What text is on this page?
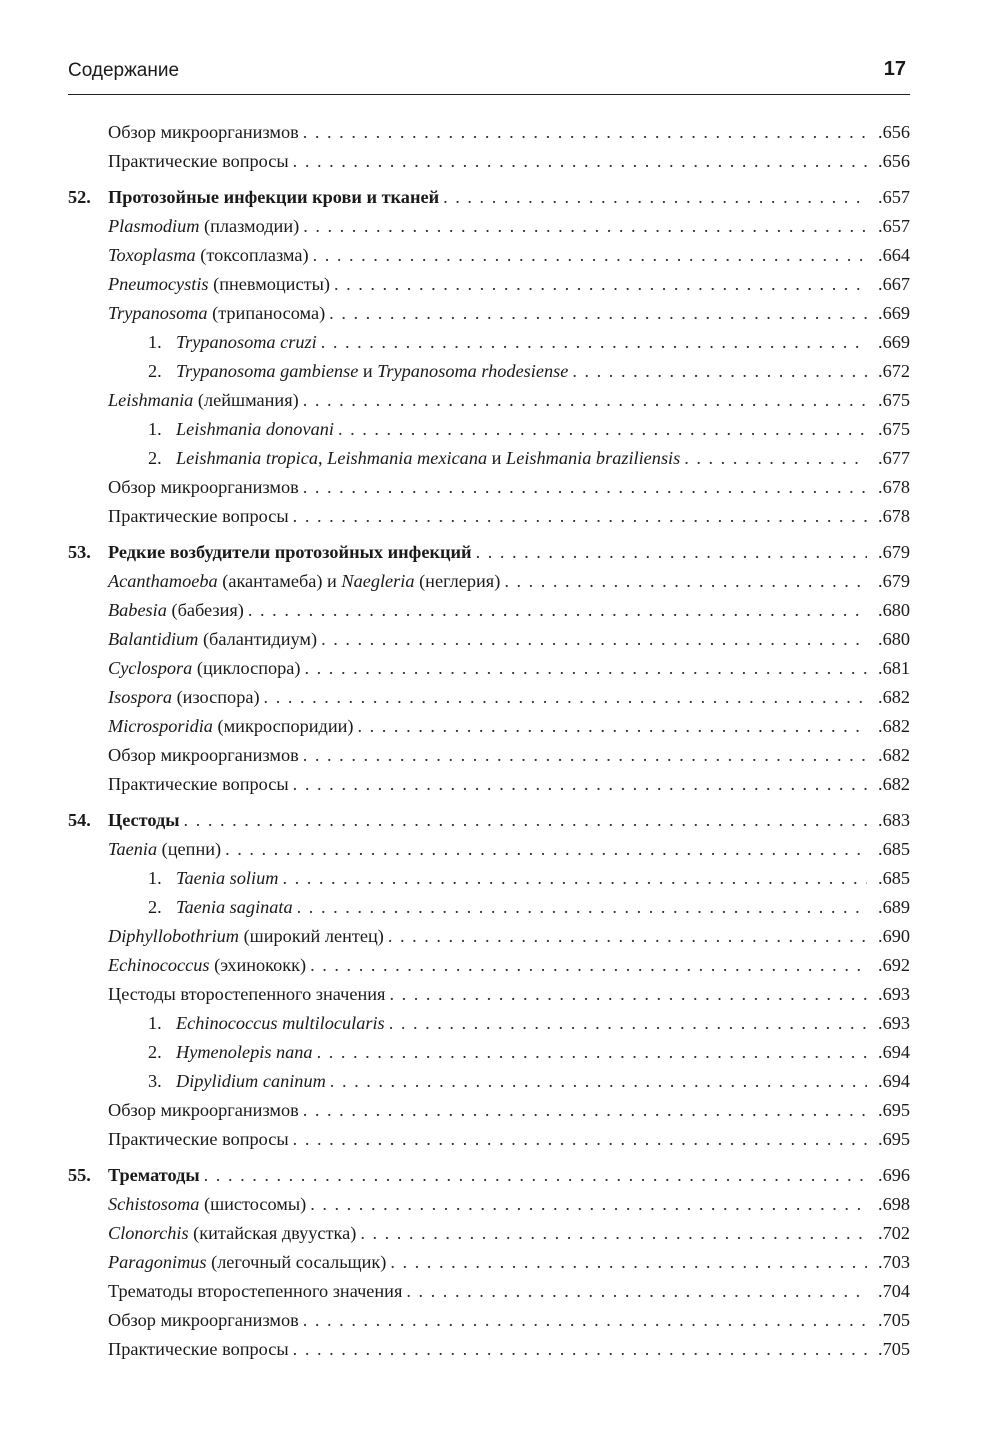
Содержание	17
Обзор микроорганизмов . . .	.656
Практические вопросы . . .	.656
52. Протозойные инфекции крови и тканей . . .	.657
Plasmodium (плазмодии) . . .	.657
Toxoplasma (токсоплазма) . . .	.664
Pneumocystis (пневмоцисты) . . .	.667
Trypanosoma (трипаносома) . . .	.669
1. Trypanosoma cruzi . . .	.669
2. Trypanosoma gambiense и Trypanosoma rhodesiense . . .	.672
Leishmania (лейшмания) . . .	.675
1. Leishmania donovani . . .	.675
2. Leishmania tropica, Leishmania mexicana и Leishmania braziliensis . . .	.677
Обзор микроорганизмов . . .	.678
Практические вопросы . . .	.678
53. Редкие возбудители протозойных инфекций . . .	.679
Acanthamoeba (акантамеба) и Naegleria (неглерия) . . .	.679
Babesia (бабезия) . . .	.680
Balantidium (балантидиум) . . .	.680
Cyclospora (циклоспора) . . .	.681
Isospora (изоспора) . . .	.682
Microsporidia (микроспоридии) . . .	.682
Обзор микроорганизмов . . .	.682
Практические вопросы . . .	.682
54. Цестоды . . .	.683
Taenia (цепни) . . .	.685
1. Taenia solium . . .	.685
2. Taenia saginata . . .	.689
Diphyllobothrium (широкий лентец) . . .	.690
Echinococcus (эхинококк) . . .	.692
Цестоды второстепенного значения . . .	.693
1. Echinococcus multilocularis . . .	.693
2. Hymenolepis nana . . .	.694
3. Dipylidium caninum . . .	.694
Обзор микроорганизмов . . .	.695
Практические вопросы . . .	.695
55. Трематоды . . .	.696
Schistosoma (шистосомы) . . .	.698
Clonorchis (китайская двуустка) . . .	.702
Paragonimus (легочный сосальщик) . . .	.703
Трематоды второстепенного значения . . .	.704
Обзор микроорганизмов . . .	.705
Практические вопросы . . .	.705
